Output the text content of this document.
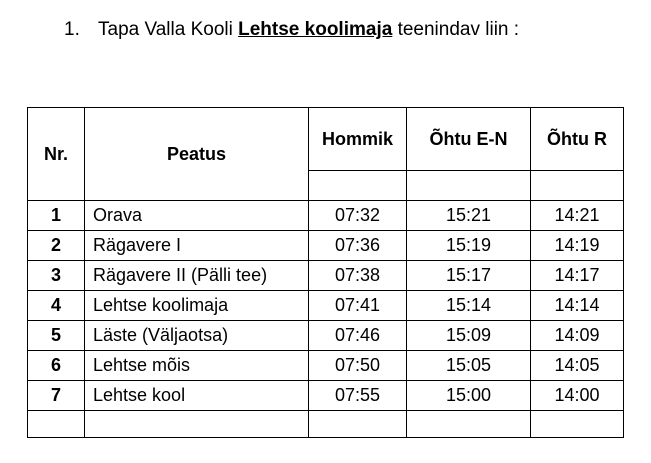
1. Tapa Valla Kooli Lehtse koolimaja teenindav liin :
Nr.	Peatus	Hommik	Õhtu E-N	Õhtu R

1	Orava	07:32	15:21	14:21
2	Rägavere I	07:36	15:19	14:19
3	Rägavere II (Pälli tee)	07:38	15:17	14:17
4	Lehtse koolimaja	07:41	15:14	14:14
5	Läste (Väljaotsa)	07:46	15:09	14:09
6	Lehtse mõis	07:50	15:05	14:05
7	Lehtse kool	07:55	15:00	14:00
